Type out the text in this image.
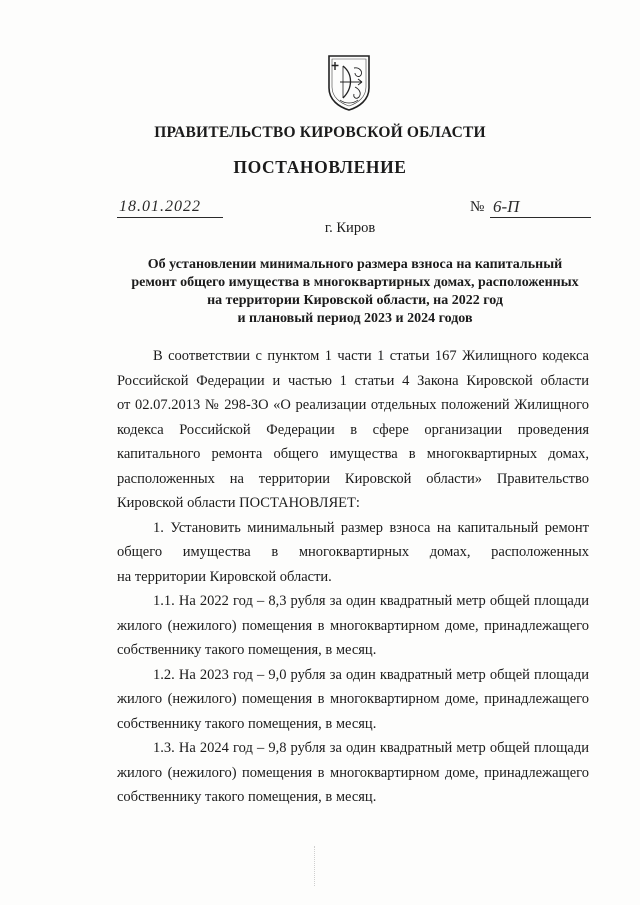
ПРАВИТЕЛЬСТВО КИРОВСКОЙ ОБЛАСТИ
ПОСТАНОВЛЕНИЕ
18.01.2022	№ 6-П
г. Киров
Об установлении минимального размера взноса на капитальный
ремонт общего имущества в многоквартирных домах, расположенных
на территории Кировской области, на 2022 год
и плановый период 2023 и 2024 годов

В соответствии с пунктом 1 части 1 статьи 167 Жилищного кодекса
Российской Федерации и частью 1 статьи 4 Закона Кировской области
от 02.07.2013 № 298-ЗО «О реализации отдельных положений Жилищного
кодекса Российской Федерации в сфере организации проведения
капитального ремонта общего имущества в многоквартирных домах,
расположенных на территории Кировской области» Правительство
Кировской области ПОСТАНОВЛЯЕТ:

1. Установить минимальный размер взноса на капитальный ремонт
общего имущества в многоквартирных домах, расположенных
на территории Кировской области.

1.1. На 2022 год – 8,3 рубля за один квадратный метр общей площади
жилого (нежилого) помещения в многоквартирном доме, принадлежащего
собственнику такого помещения, в месяц.

1.2. На 2023 год – 9,0 рубля за один квадратный метр общей площади
жилого (нежилого) помещения в многоквартирном доме, принадлежащего
собственнику такого помещения, в месяц.

1.3. На 2024 год – 9,8 рубля за один квадратный метр общей площади
жилого (нежилого) помещения в многоквартирном доме, принадлежащего
собственнику такого помещения, в месяц.
